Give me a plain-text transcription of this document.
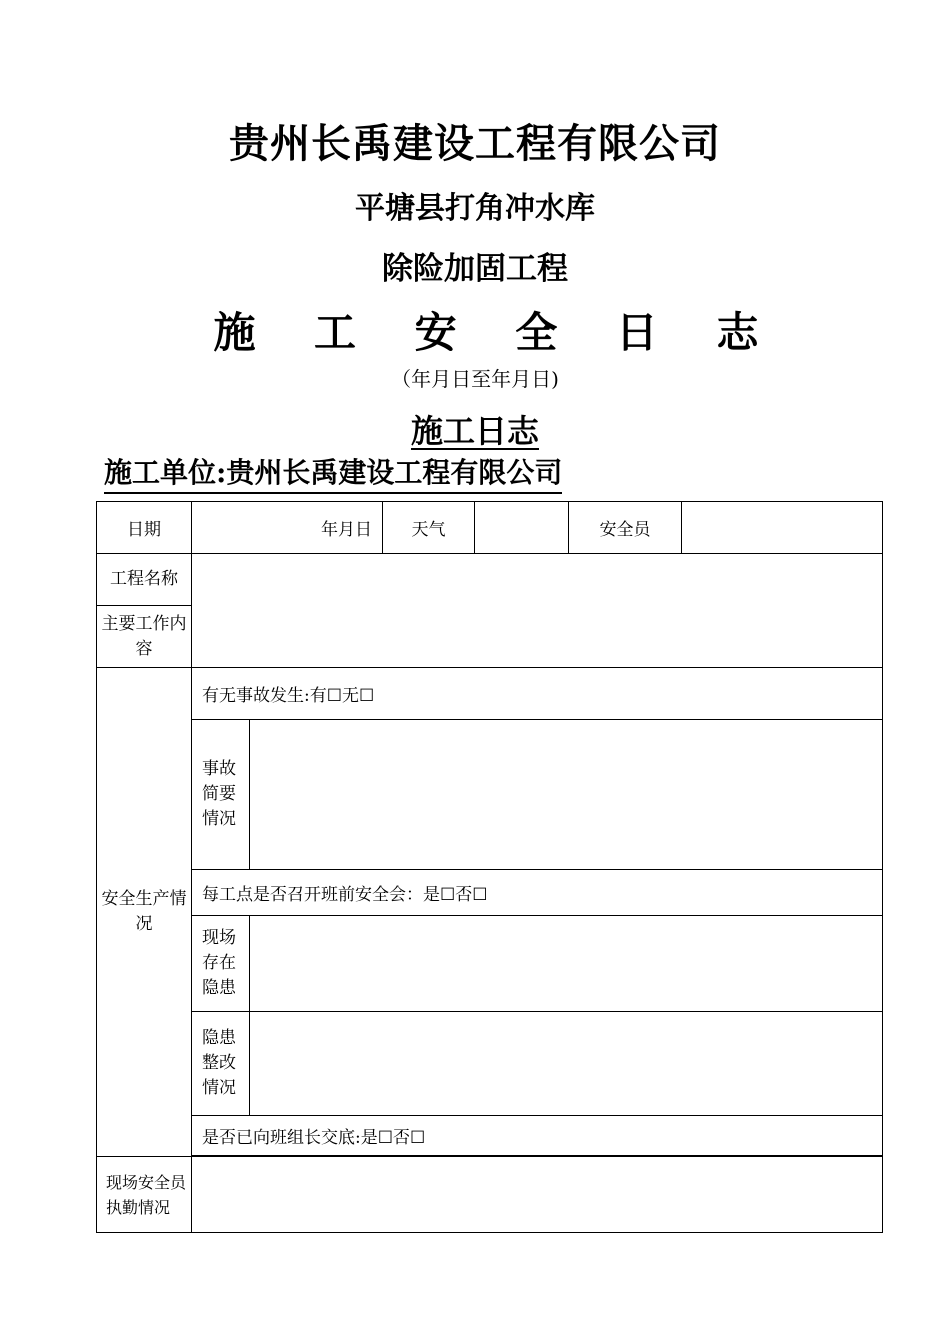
贵州长禹建设工程有限公司
平塘县打角冲水库
除险加固工程
施 工 安 全 日 志
（年月日至年月日)
施工日志
施工单位:贵州长禹建设工程有限公司
日期	年月日		天气		安全员	
工程名称						
主要工作内容						
安全生产情况	有无事故发生:有☐无☐					
	事故简要情况					
	每工点是否召开班前安全会：是☐否☐					
	现场存在隐患					
	隐患整改情况					
	是否已向班组长交底:是☐否☐					

现场安全员执勤情况						
